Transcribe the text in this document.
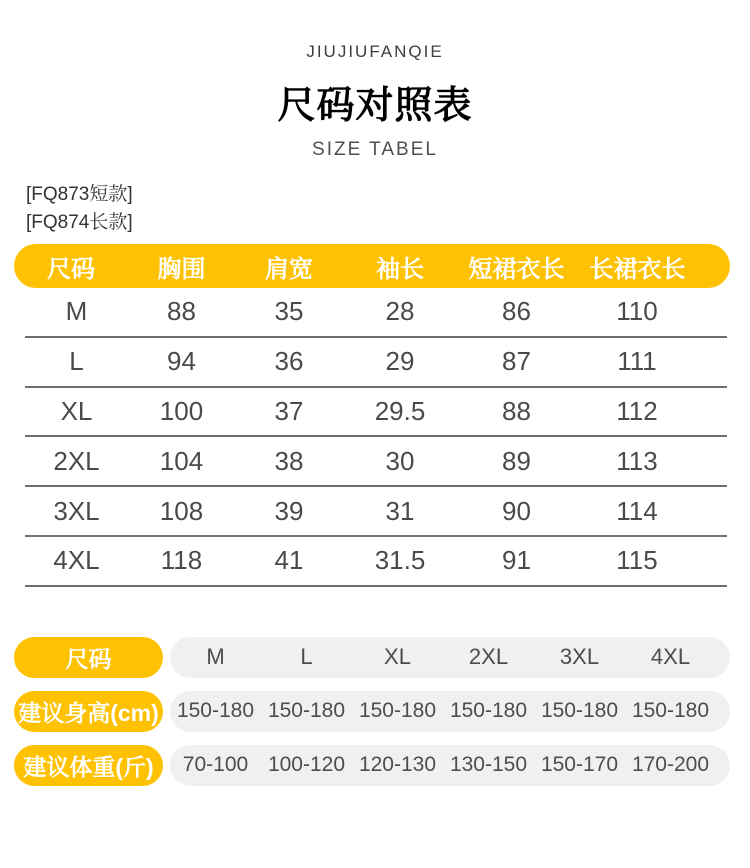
JIUJIUFANQIE
尺码对照表
SIZE TABEL
[FQ873短款]
[FQ874长款]
尺码	胸围	肩宽	袖长	短裙衣长	长裙衣长
M	88	35	28	86	110
L	94	36	29	87	111
XL	100	37	29.5	88	112
2XL	104	38	30	89	113
3XL	108	39	31	90	114
4XL	118	41	31.5	91	115
尺码	M	L	XL	2XL	3XL	4XL
建议身高(cm) 150-180 150-180 150-180 150-180 150-180 150-180
建议体重(斤)	70-100 100-120 120-130 130-150 150-170 170-200
